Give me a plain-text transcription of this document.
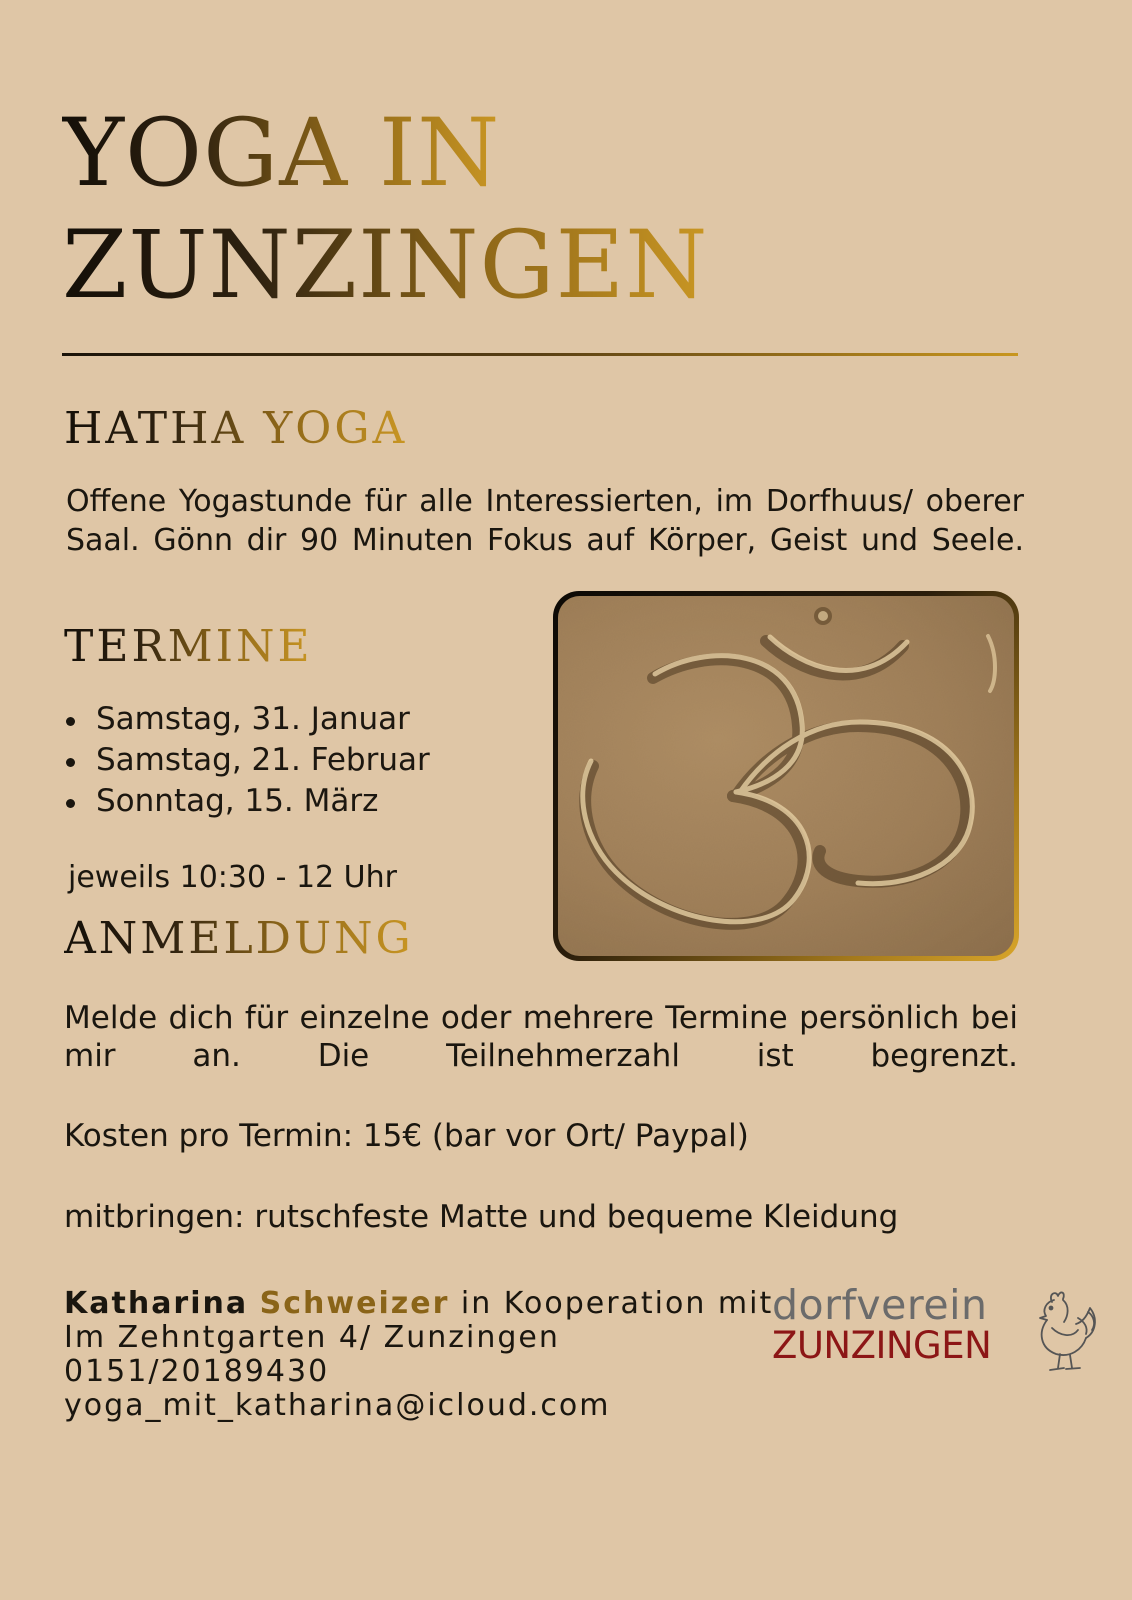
YOGA IN
ZUNZINGEN
HATHA YOGA

Offene Yogastunde für alle Interessierten, im Dorfhuus/ oberer Saal. Gönn dir 90 Minuten Fokus auf Körper, Geist und Seele.

TERMINE
Samstag, 31. Januar
Samstag, 21. Februar
Sonntag, 15. März

jeweils 10:30 - 12 Uhr

ANMELDUNG

Melde dich für einzelne oder mehrere Termine persönlich bei mir an. Die Teilnehmerzahl ist begrenzt.

Kosten pro Termin: 15€ (bar vor Ort/ Paypal)

mitbringen: rutschfeste Matte und bequeme Kleidung

Katharina Schweizer in Kooperation mit
Im Zehntgarten 4/ Zunzingen
0151/20189430
yoga_mit_katharina@icloud.com

dorfverein

ZUNZINGEN
